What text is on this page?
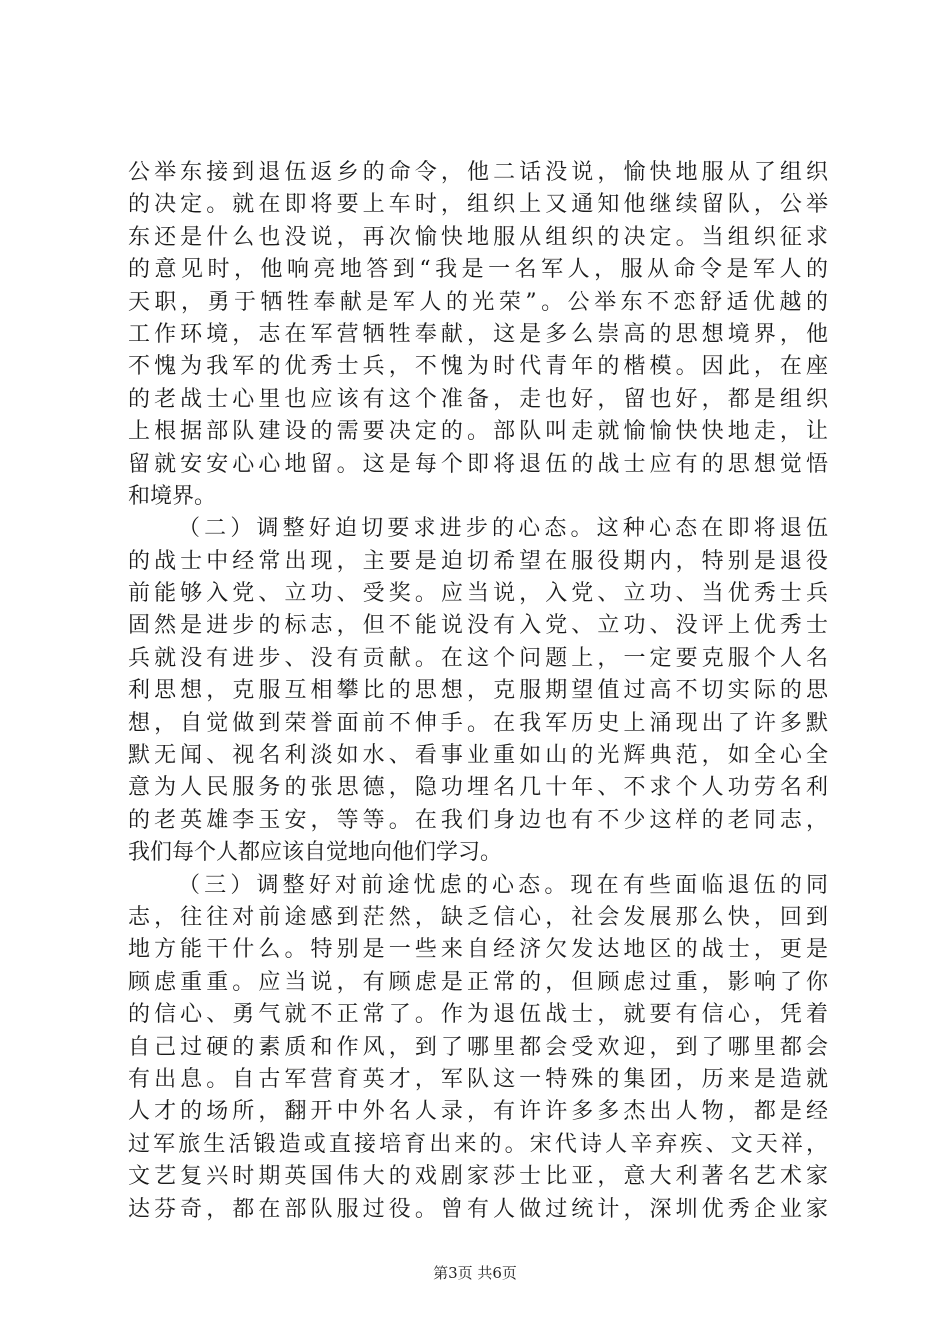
公举东接到退伍返乡的命令，他二话没说，愉快地服从了组织
的决定。就在即将要上车时，组织上又通知他继续留队，公举
东还是什么也没说，再次愉快地服从组织的决定。当组织征求
的意见时，他响亮地答到“我是一名军人，服从命令是军人的
天职，勇于牺牲奉献是军人的光荣”。公举东不恋舒适优越的
工作环境，志在军营牺牲奉献，这是多么崇高的思想境界，他
不愧为我军的优秀士兵，不愧为时代青年的楷模。因此，在座
的老战士心里也应该有这个准备，走也好，留也好，都是组织
上根据部队建设的需要决定的。部队叫走就愉愉快快地走，让
留就安安心心地留。这是每个即将退伍的战士应有的思想觉悟
和境界。
（二）调整好迫切要求进步的心态。这种心态在即将退伍
的战士中经常出现，主要是迫切希望在服役期内，特别是退役
前能够入党、立功、受奖。应当说，入党、立功、当优秀士兵
固然是进步的标志，但不能说没有入党、立功、没评上优秀士
兵就没有进步、没有贡献。在这个问题上，一定要克服个人名
利思想，克服互相攀比的思想，克服期望值过高不切实际的思
想，自觉做到荣誉面前不伸手。在我军历史上涌现出了许多默
默无闻、视名利淡如水、看事业重如山的光辉典范，如全心全
意为人民服务的张思德，隐功埋名几十年、不求个人功劳名利
的老英雄李玉安，等等。在我们身边也有不少这样的老同志，
我们每个人都应该自觉地向他们学习。
（三）调整好对前途忧虑的心态。现在有些面临退伍的同
志，往往对前途感到茫然，缺乏信心，社会发展那么快，回到
地方能干什么。特别是一些来自经济欠发达地区的战士，更是
顾虑重重。应当说，有顾虑是正常的，但顾虑过重，影响了你
的信心、勇气就不正常了。作为退伍战士，就要有信心，凭着
自己过硬的素质和作风，到了哪里都会受欢迎，到了哪里都会
有出息。自古军营育英才，军队这一特殊的集团，历来是造就
人才的场所，翻开中外名人录，有许许多多杰出人物，都是经
过军旅生活锻造或直接培育出来的。宋代诗人辛弃疾、文天祥，
文艺复兴时期英国伟大的戏剧家莎士比亚，意大利著名艺术家
达芬奇，都在部队服过役。曾有人做过统计，深圳优秀企业家
第3页 共6页
